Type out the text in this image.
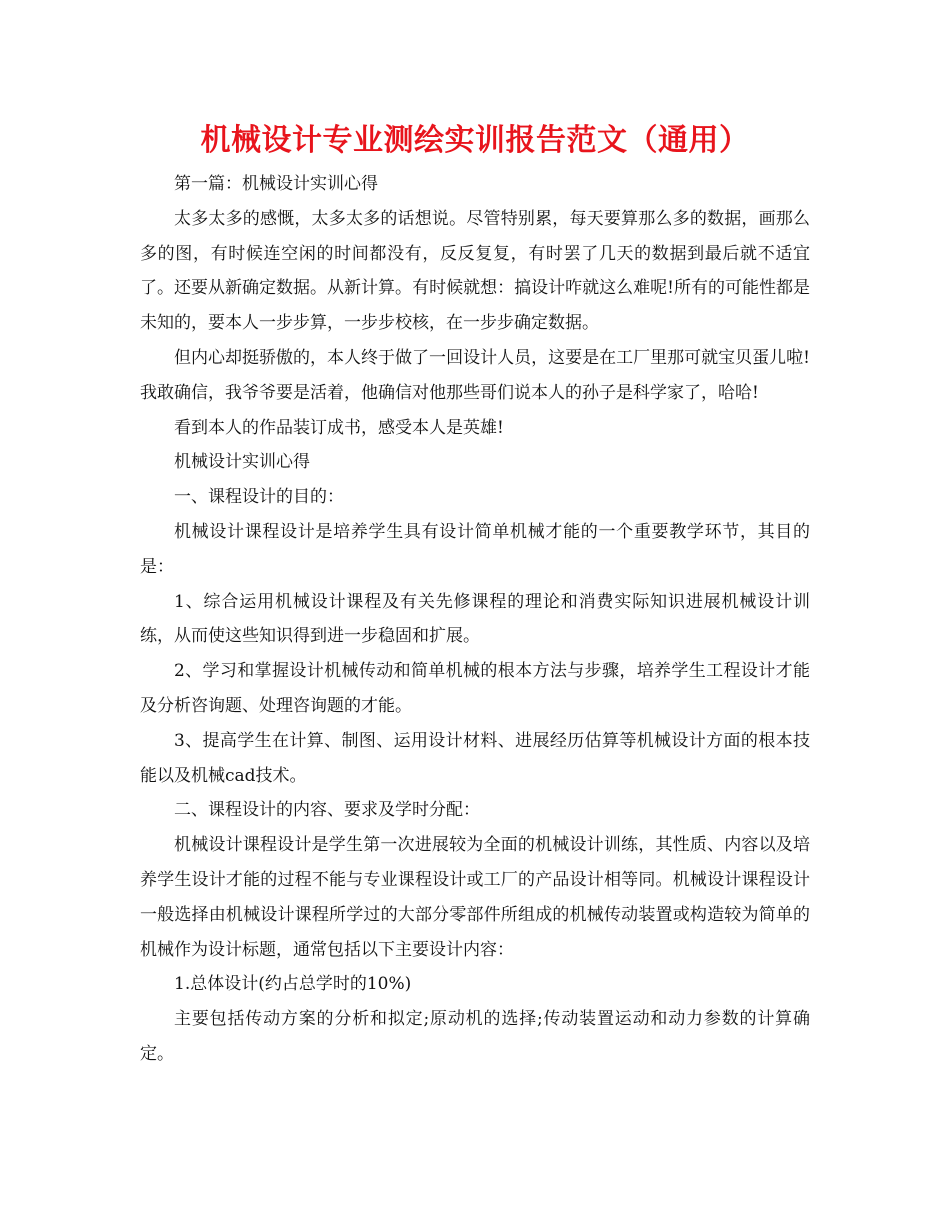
机械设计专业测绘实训报告范文（通用）

第一篇：机械设计实训心得

太多太多的感慨，太多太多的话想说。尽管特别累，每天要算那么多的数据，画那么多的图，有时候连空闲的时间都没有，反反复复，有时罢了几天的数据到最后就不适宜了。还要从新确定数据。从新计算。有时候就想：搞设计咋就这么难呢!所有的可能性都是未知的，要本人一步步算，一步步校核，在一步步确定数据。

但内心却挺骄傲的，本人终于做了一回设计人员，这要是在工厂里那可就宝贝蛋儿啦!我敢确信，我爷爷要是活着，他确信对他那些哥们说本人的孙子是科学家了，哈哈!

看到本人的作品装订成书，感受本人是英雄!

机械设计实训心得

一、课程设计的目的：

机械设计课程设计是培养学生具有设计简单机械才能的一个重要教学环节，其目的是：

1、综合运用机械设计课程及有关先修课程的理论和消费实际知识进展机械设计训练，从而使这些知识得到进一步稳固和扩展。

2、学习和掌握设计机械传动和简单机械的根本方法与步骤，培养学生工程设计才能及分析咨询题、处理咨询题的才能。

3、提高学生在计算、制图、运用设计材料、进展经历估算等机械设计方面的根本技能以及机械cad技术。

二、课程设计的内容、要求及学时分配：

机械设计课程设计是学生第一次进展较为全面的机械设计训练，其性质、内容以及培养学生设计才能的过程不能与专业课程设计或工厂的产品设计相等同。机械设计课程设计一般选择由机械设计课程所学过的大部分零部件所组成的机械传动装置或构造较为简单的机械作为设计标题，通常包括以下主要设计内容：

1.总体设计(约占总学时的10%)

主要包括传动方案的分析和拟定;原动机的选择;传动装置运动和动力参数的计算确定。
